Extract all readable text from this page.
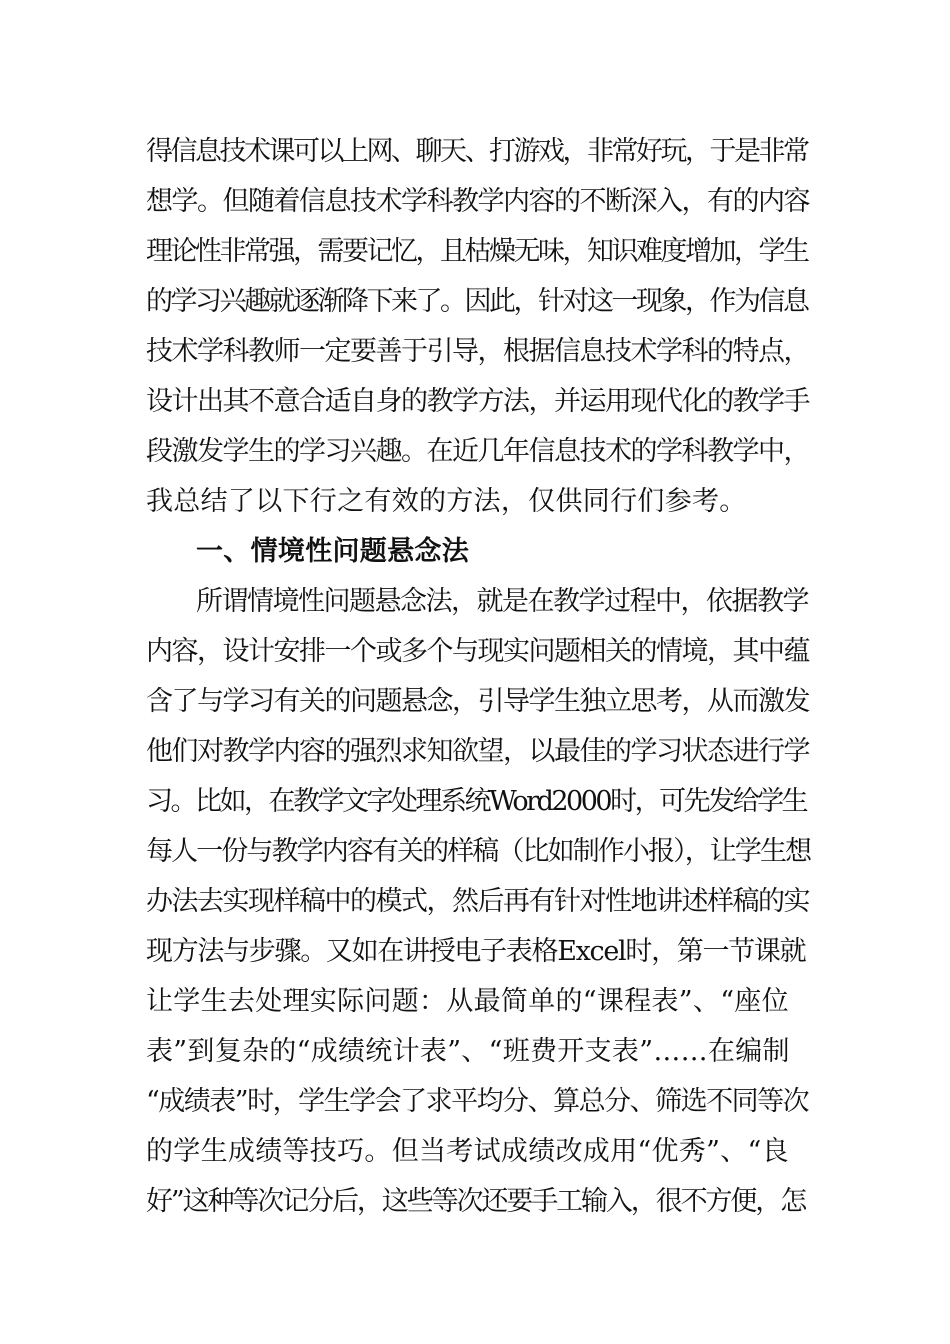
得信息技术课可以上网、聊天、打游戏，非常好玩，于是非常
想学。但随着信息技术学科教学内容的不断深入，有的内容
理论性非常强，需要记忆，且枯燥无味，知识难度增加，学生
的学习兴趣就逐渐降下来了。因此，针对这一现象，作为信息
技术学科教师一定要善于引导，根据信息技术学科的特点，
设计出其不意合适自身的教学方法，并运用现代化的教学手
段激发学生的学习兴趣。在近几年信息技术的学科教学中，
我总结了以下行之有效的方法，仅供同行们参考。
一、情境性问题悬念法
所谓情境性问题悬念法，就是在教学过程中，依据教学
内容，设计安排一个或多个与现实问题相关的情境，其中蕴
含了与学习有关的问题悬念，引导学生独立思考，从而激发
他们对教学内容的强烈求知欲望，以最佳的学习状态进行学
习。比如，在教学文字处理系统Word2000时，可先发给学生
每人一份与教学内容有关的样稿（比如制作小报），让学生想
办法去实现样稿中的模式，然后再有针对性地讲述样稿的实
现方法与步骤。又如在讲授电子表格Excel时，第一节课就
让学生去处理实际问题：从最简单的“课程表”、“座位
表”到复杂的“成绩统计表”、“班费开支表”……在编制
“成绩表”时，学生学会了求平均分、算总分、筛选不同等次
的学生成绩等技巧。但当考试成绩改成用“优秀”、“良
好”这种等次记分后，这些等次还要手工输入，很不方便，怎
